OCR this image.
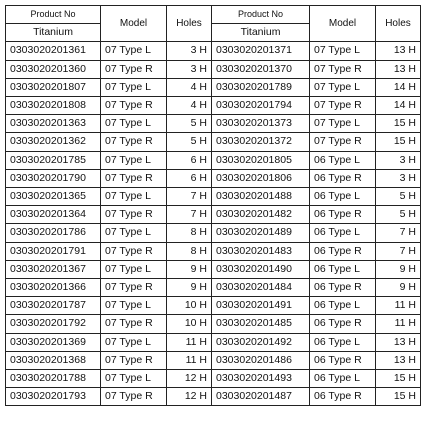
Product No	Model	Holes	Product No	Model	Holes
Titanium			Titanium		
0303020201361	07 Type L	3 H	0303020201371	07 Type L	13 H
0303020201360	07 Type R	3 H	0303020201370	07 Type R	13 H
0303020201807	07 Type L	4 H	0303020201789	07 Type L	14 H
0303020201808	07 Type R	4 H	0303020201794	07 Type R	14 H
0303020201363	07 Type L	5 H	0303020201373	07 Type L	15 H
0303020201362	07 Type R	5 H	0303020201372	07 Type R	15 H
0303020201785	07 Type L	6 H	0303020201805	06 Type L	3 H
0303020201790	07 Type R	6 H	0303020201806	06 Type R	3 H
0303020201365	07 Type L	7 H	0303020201488	06 Type L	5 H
0303020201364	07 Type R	7 H	0303020201482	06 Type R	5 H
0303020201786	07 Type L	8 H	0303020201489	06 Type L	7 H
0303020201791	07 Type R	8 H	0303020201483	06 Type R	7 H
0303020201367	07 Type L	9 H	0303020201490	06 Type L	9 H
0303020201366	07 Type R	9 H	0303020201484	06 Type R	9 H
0303020201787	07 Type L	10 H	0303020201491	06 Type L	11 H
0303020201792	07 Type R	10 H	0303020201485	06 Type R	11 H
0303020201369	07 Type L	11 H	0303020201492	06 Type L	13 H
0303020201368	07 Type R	11 H	0303020201486	06 Type R	13 H
0303020201788	07 Type L	12 H	0303020201493	06 Type L	15 H
0303020201793	07 Type R	12 H	0303020201487	06 Type R	15 H
